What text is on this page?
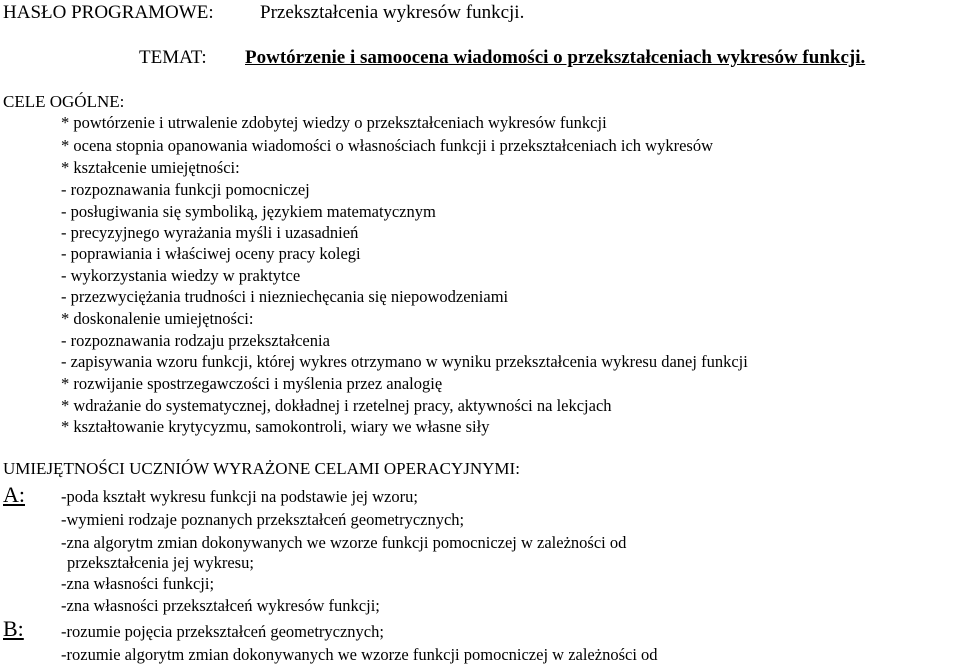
HASŁO PROGRAMOWE: Przekształcenia wykresów funkcji.
TEMAT: Powtórzenie i samoocena wiadomości o przekształceniach wykresów funkcji.
CELE OGÓLNE:
* powtórzenie i utrwalenie zdobytej wiedzy o przekształceniach wykresów funkcji
* ocena stopnia opanowania wiadomości o własnościach funkcji i przekształceniach ich wykresów
* kształcenie umiejętności:
- rozpoznawania funkcji pomocniczej
- posługiwania się symboliką, językiem matematycznym
- precyzyjnego wyrażania myśli i uzasadnień
- poprawiania i właściwej oceny pracy kolegi
- wykorzystania wiedzy w praktytce
- przezwyciężania trudności i niezniechęcania się niepowodzeniami
* doskonalenie umiejętności:
- rozpoznawania rodzaju przekształcenia
- zapisywania wzoru funkcji, której wykres otrzymano w wyniku przekształcenia wykresu danej funkcji
* rozwijanie spostrzegawczości i myślenia przez analogię
* wdrażanie do systematycznej, dokładnej i rzetelnej pracy, aktywności na lekcjach
* kształtowanie krytycyzmu, samokontroli, wiary we własne siły
UMIEJĘTNOŚCI UCZNIÓW WYRAŻONE CELAMI OPERACYJNYMI:
A: -poda kształt wykresu funkcji na podstawie jej wzoru;
-wymieni rodzaje poznanych przekształceń geometrycznych;
-zna algorytm zmian dokonywanych we wzorze funkcji pomocniczej w zależności od
przekształcenia jej wykresu;
-zna własności funkcji;
-zna własności przekształceń wykresów funkcji;
B: -rozumie pojęcia przekształceń geometrycznych;
-rozumie algorytm zmian dokonywanych we wzorze funkcji pomocniczej w zależności od
